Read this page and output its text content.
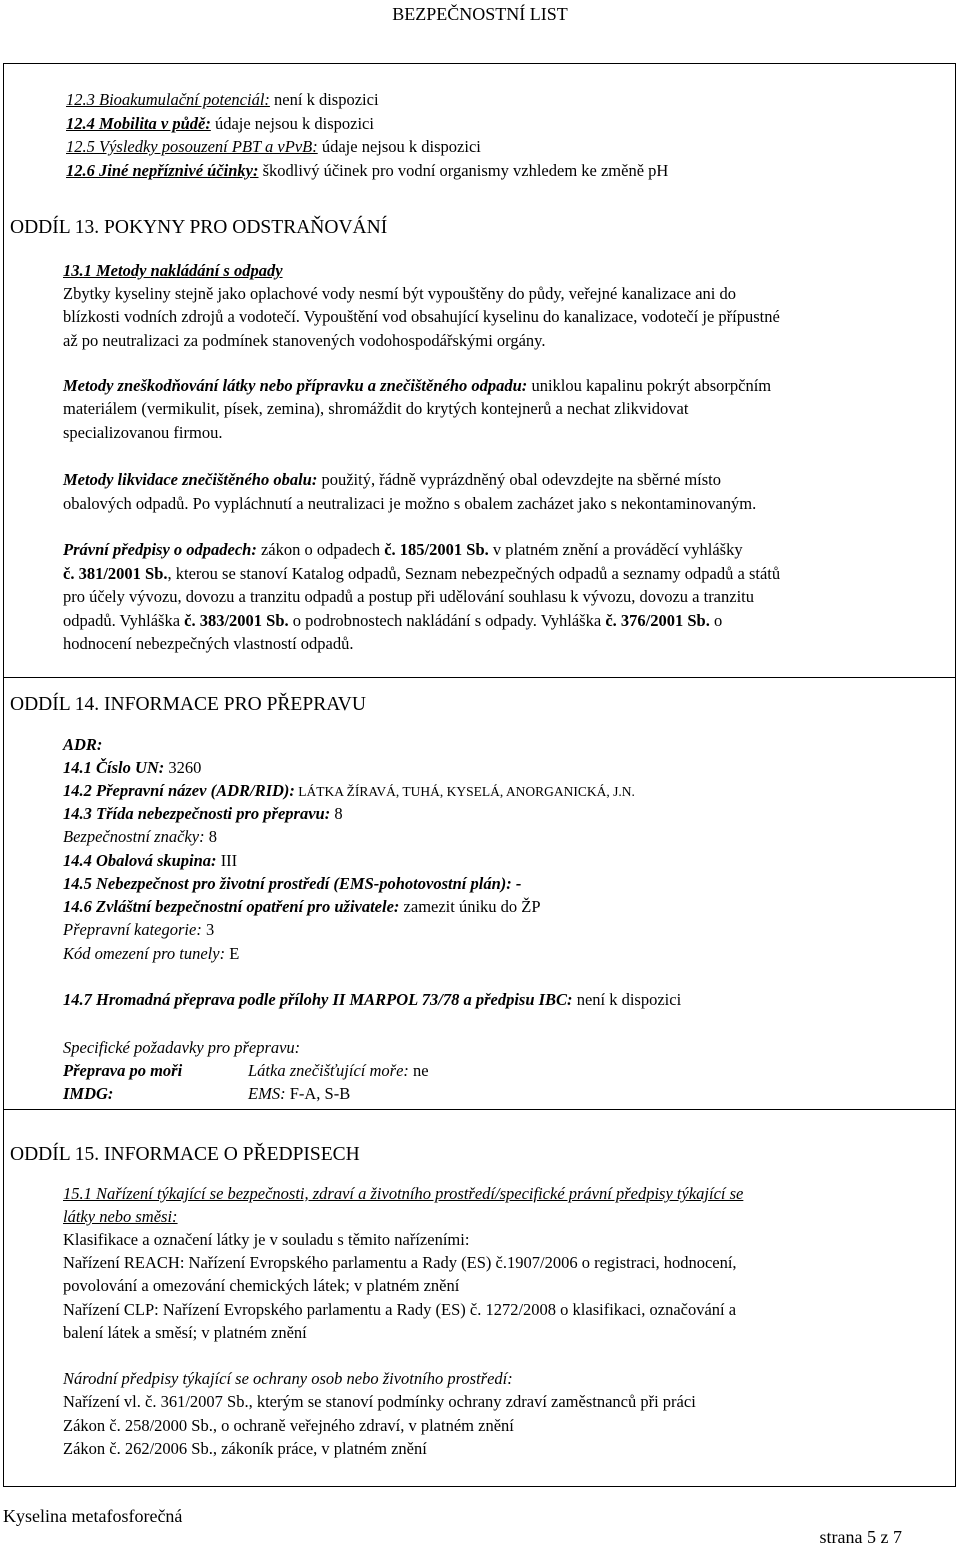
BEZPEČNOSTNÍ LIST
12.3 Bioakumulační potenciál: není k dispozici
12.4 Mobilita v půdě: údaje nejsou k dispozici
12.5 Výsledky posouzení PBT a vPvB: údaje nejsou k dispozici
12.6 Jiné nepříznivé účinky: škodlivý účinek pro vodní organismy vzhledem ke změně pH
ODDÍL 13. POKYNY PRO ODSTRAŇOVÁNÍ
13.1 Metody nakládání s odpady
Zbytky kyseliny stejně jako oplachové vody nesmí být vypouštěny do půdy, veřejné kanalizace ani do
blízkosti vodních zdrojů a vodotečí. Vypouštění vod obsahující kyselinu do kanalizace, vodotečí je přípustné
až po neutralizaci za podmínek stanovených vodohospodářskými orgány.
Metody zneškodňování látky nebo přípravku a znečištěného odpadu: uniklou kapalinu pokrýt absorpčním
materiálem (vermikulit, písek, zemina), shromáždit do krytých kontejnerů a nechat zlikvidovat
specializovanou firmou.
Metody likvidace znečištěného obalu: použitý, řádně vyprázdněný obal odevzdejte na sběrné místo
obalových odpadů. Po vypláchnutí a neutralizaci je možno s obalem zacházet jako s nekontaminovaným.
Právní předpisy o odpadech: zákon o odpadech č. 185/2001 Sb. v platném znění a prováděcí vyhlášky
č. 381/2001 Sb., kterou se stanoví Katalog odpadů, Seznam nebezpečných odpadů a seznamy odpadů a států
pro účely vývozu, dovozu a tranzitu odpadů a postup při udělování souhlasu k vývozu, dovozu a tranzitu
odpadů. Vyhláška č. 383/2001 Sb. o podrobnostech nakládání s odpady. Vyhláška č. 376/2001 Sb. o
hodnocení nebezpečných vlastností odpadů.
ODDÍL 14. INFORMACE PRO PŘEPRAVU
ADR:
14.1 Číslo UN: 3260
14.2 Přepravní název (ADR/RID): LÁTKA ŽÍRAVÁ, TUHÁ, KYSELÁ, ANORGANICKÁ, J.N.
14.3 Třída nebezpečnosti pro přepravu: 8
Bezpečnostní značky: 8
14.4 Obalová skupina: III
14.5 Nebezpečnost pro životní prostředí (EMS-pohotovostní plán): -
14.6 Zvláštní bezpečnostní opatření pro uživatele: zamezit úniku do ŽP
Přepravní kategorie: 3
Kód omezení pro tunely: E
14.7 Hromadná přeprava podle přílohy II MARPOL 73/78 a předpisu IBC: není k dispozici
Specifické požadavky pro přepravu:
Přeprava po moři	Látka znečišťující moře: ne
IMDG:	EMS: F-A, S-B
ODDÍL 15. INFORMACE O PŘEDPISECH
15.1 Nařízení týkající se bezpečnosti, zdraví a životního prostředí/specifické právní předpisy týkající se
látky nebo směsi:
Klasifikace a označení látky je v souladu s těmito nařízeními:
Nařízení REACH: Nařízení Evropského parlamentu a Rady (ES) č.1907/2006 o registraci, hodnocení,
povolování a omezování chemických látek; v platném znění
Nařízení CLP: Nařízení Evropského parlamentu a Rady (ES) č. 1272/2008 o klasifikaci, označování a
balení látek a směsí; v platném znění
Národní předpisy týkající se ochrany osob nebo životního prostředí:
Nařízení vl. č. 361/2007 Sb., kterým se stanoví podmínky ochrany zdraví zaměstnanců při práci
Zákon č. 258/2000 Sb., o ochraně veřejného zdraví, v platném znění
Zákon č. 262/2006 Sb., zákoník práce, v platném znění
Kyselina metafosforečná
strana 5 z 7
